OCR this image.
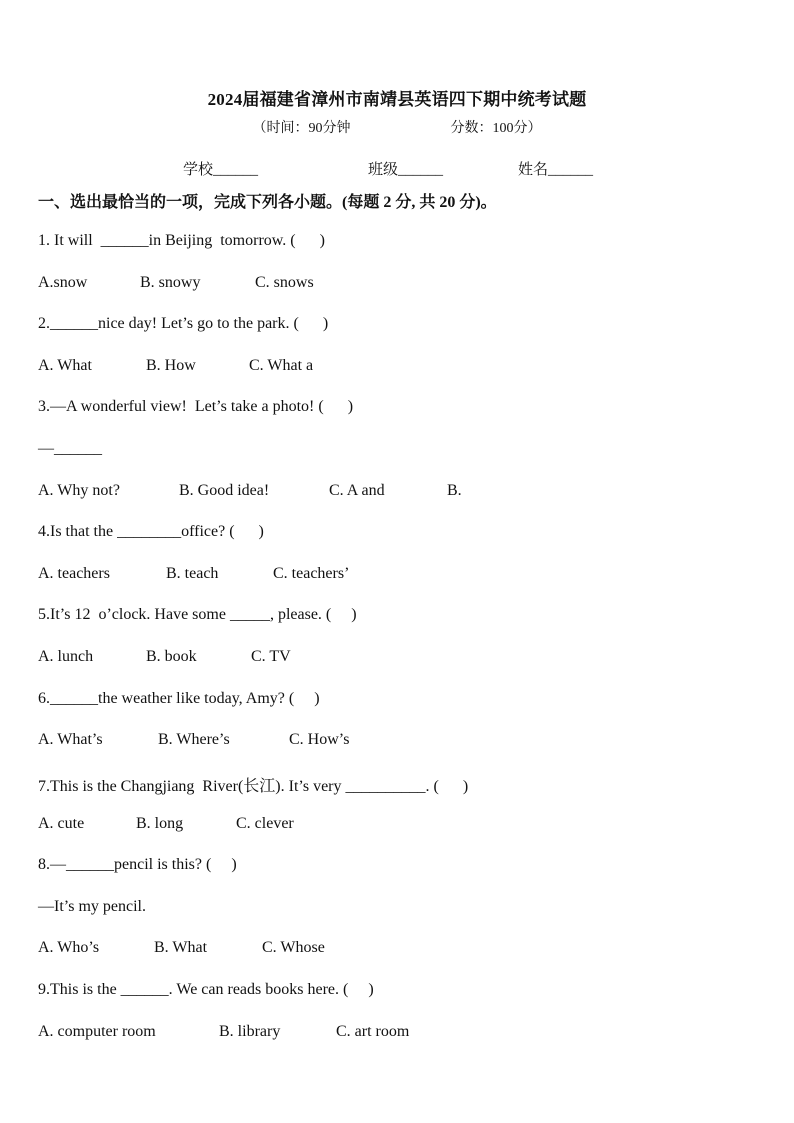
2024届福建省漳州市南靖县英语四下期中统考试题
（时间：90分钟	分数：100分）
学校______	班级______	姓名______
一、选出最恰当的一项，完成下列各小题。(每题 2 分, 共 20 分)。
1. It will  ______in Beijing  tomorrow. (      )
A.snow	B. snowy	C. snows
2.______nice day! Let’s go to the park. (      )
A. What	B. How	C. What a
3.—A wonderful view!  Let’s take a photo! (      )
—______
A. Why not?	B. Good idea!	C. A and	B.
4.Is that the ________office? (      )
A. teachers	B. teach	C. teachers’
5.It’s 12  o’clock. Have some _____, please. (     )
A. lunch	B. book	C. TV
6.______the weather like today, Amy? (     )
A. What’s	B. Where’s	C. How’s
7.This is the Changjiang  River(长江). It’s very __________. (      )
A. cute	B. long	C. clever
8.—______pencil is this? (     )
—It’s my pencil.
A. Who’s	B. What	C. Whose
9.This is the ______. We can reads books here. (     )
A. computer room	B. library	C. art room
